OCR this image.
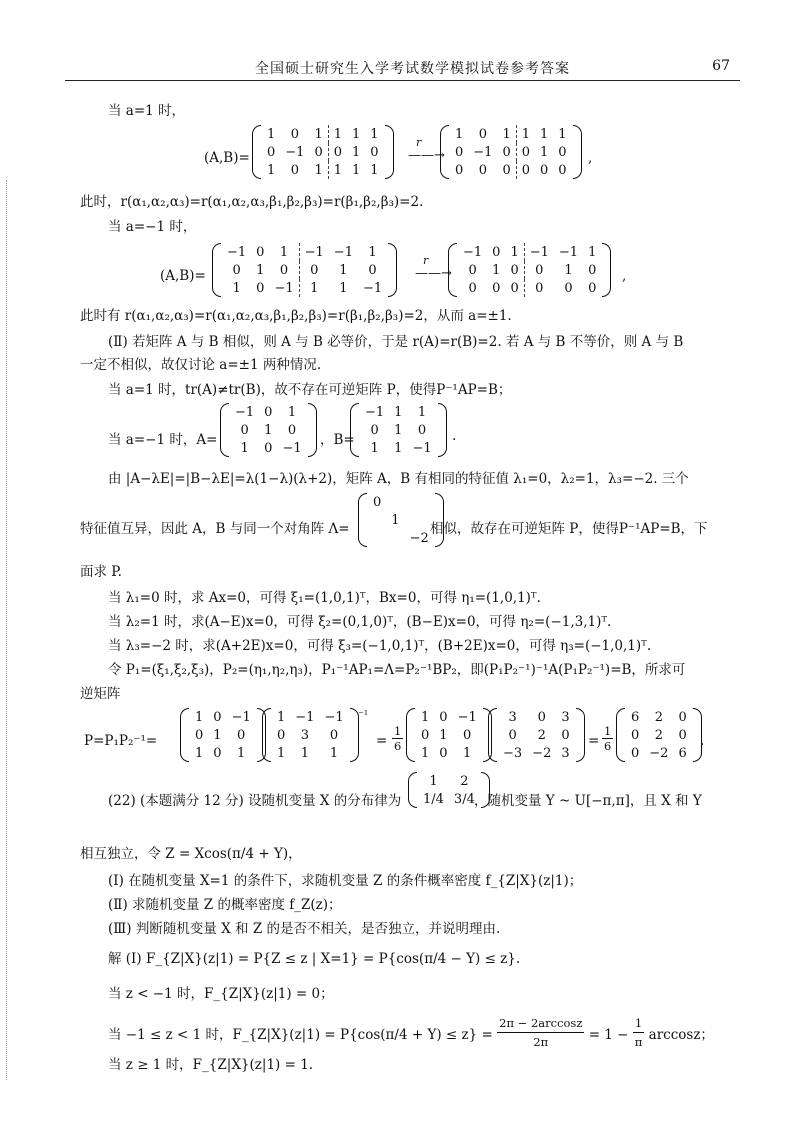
全国硕士研究生入学考试数学模拟试卷参考答案	67
当 a=1 时，
(A,B)=
1	0	1	1	1	1
0	−1	0	0	1	0
1	0	1	1	1	1
r
——→
1	0	1	1	1	1
0	−1	0	0	1	0
0	0	0	0	0	0
,
此时，r(α₁,α₂,α₃)=r(α₁,α₂,α₃,β₁,β₂,β₃)=r(β₁,β₂,β₃)=2.
当 a=−1 时，
(A,B)=
−1	0	1	−1	−1	1
0	1	0	0	1	0
1	0	−1	1	1	−1
r
——→
−1	0	1	−1	−1	1
0	1	0	0	1	0
0	0	0	0	0	0
,
此时有 r(α₁,α₂,α₃)=r(α₁,α₂,α₃,β₁,β₂,β₃)=r(β₁,β₂,β₃)=2，从而 a=±1.
(Ⅱ) 若矩阵 A 与 B 相似，则 A 与 B 必等价，于是 r(A)=r(B)=2. 若 A 与 B 不等价，则 A 与 B
一定不相似，故仅讨论 a=±1 两种情况.
当 a=1 时，tr(A)≠tr(B)，故不存在可逆矩阵 P，使得P⁻¹AP=B；
当 a=−1 时，A=
−1	0	1
0	1	0
1	0	−1 ，B=
−1	1	1
0	1	0
1	1	−1
.
由 |A−λE|=|B−λE|=λ(1−λ)(λ+2)，矩阵 A，B 有相同的特征值 λ₁=0，λ₂=1，λ₃=−2. 三个
特征值互异，因此 A，B 与同一个对角阵 Λ=
0		
	1	
		−2
相似，故存在可逆矩阵 P，使得P⁻¹AP=B，下
面求 P.
当 λ₁=0 时，求 Ax=0，可得 ξ₁=(1,0,1)ᵀ，Bx=0，可得 η₁=(1,0,1)ᵀ.
当 λ₂=1 时，求(A−E)x=0，可得 ξ₂=(0,1,0)ᵀ，(B−E)x=0，可得 η₂=(−1,3,1)ᵀ.
当 λ₃=−2 时，求(A+2E)x=0，可得 ξ₃=(−1,0,1)ᵀ，(B+2E)x=0，可得 η₃=(−1,0,1)ᵀ.
令 P₁=(ξ₁,ξ₂,ξ₃)，P₂=(η₁,η₂,η₃)，P₁⁻¹AP₁=Λ=P₂⁻¹BP₂，即(P₁P₂⁻¹)⁻¹A(P₁P₂⁻¹)=B，所求可
逆矩阵
P=P₁P₂⁻¹=
1	0	−1
0	1	0
1	0	1
1	−1	−1
0	3	0
1	1	1
⁻¹
= $\frac{1}{6}$
1	0	−1
0	1	0
1	0	1
3	0	3
0	2	0
−3	−2	3
= $\frac{1}{6}$
6	2	0
0	2	0
0	−2	6
.
(22) (本题满分 12 分) 设随机变量 X 的分布律为
1	2
1/4	3/4 ，随机变量 Y ~ U[−π,π]，且 X 和 Y
相互独立，令 Z = Xcos(π/4 + Y)，
(Ⅰ) 在随机变量 X=1 的条件下，求随机变量 Z 的条件概率密度 f_{Z|X}(z|1)；
(Ⅱ) 求随机变量 Z 的概率密度 f_Z(z)；
(Ⅲ) 判断随机变量 X 和 Z 的是否不相关，是否独立，并说明理由.
解 (Ⅰ) F_{Z|X}(z|1) = P{Z ≤ z | X=1} = P{cos(π/4 − Y) ≤ z}.
当 z < −1 时，F_{Z|X}(z|1) = 0；
当 −1 ≤ z < 1 时，F_{Z|X}(z|1) = $P\{\cos(\pi/4 + Y) \le z\} = \frac{2\pi - 2\arccos z}{2\pi} = 1 - \frac{1}{\pi}$ arccosz；
当 z ≥ 1 时，F_{Z|X}(z|1) = 1.
